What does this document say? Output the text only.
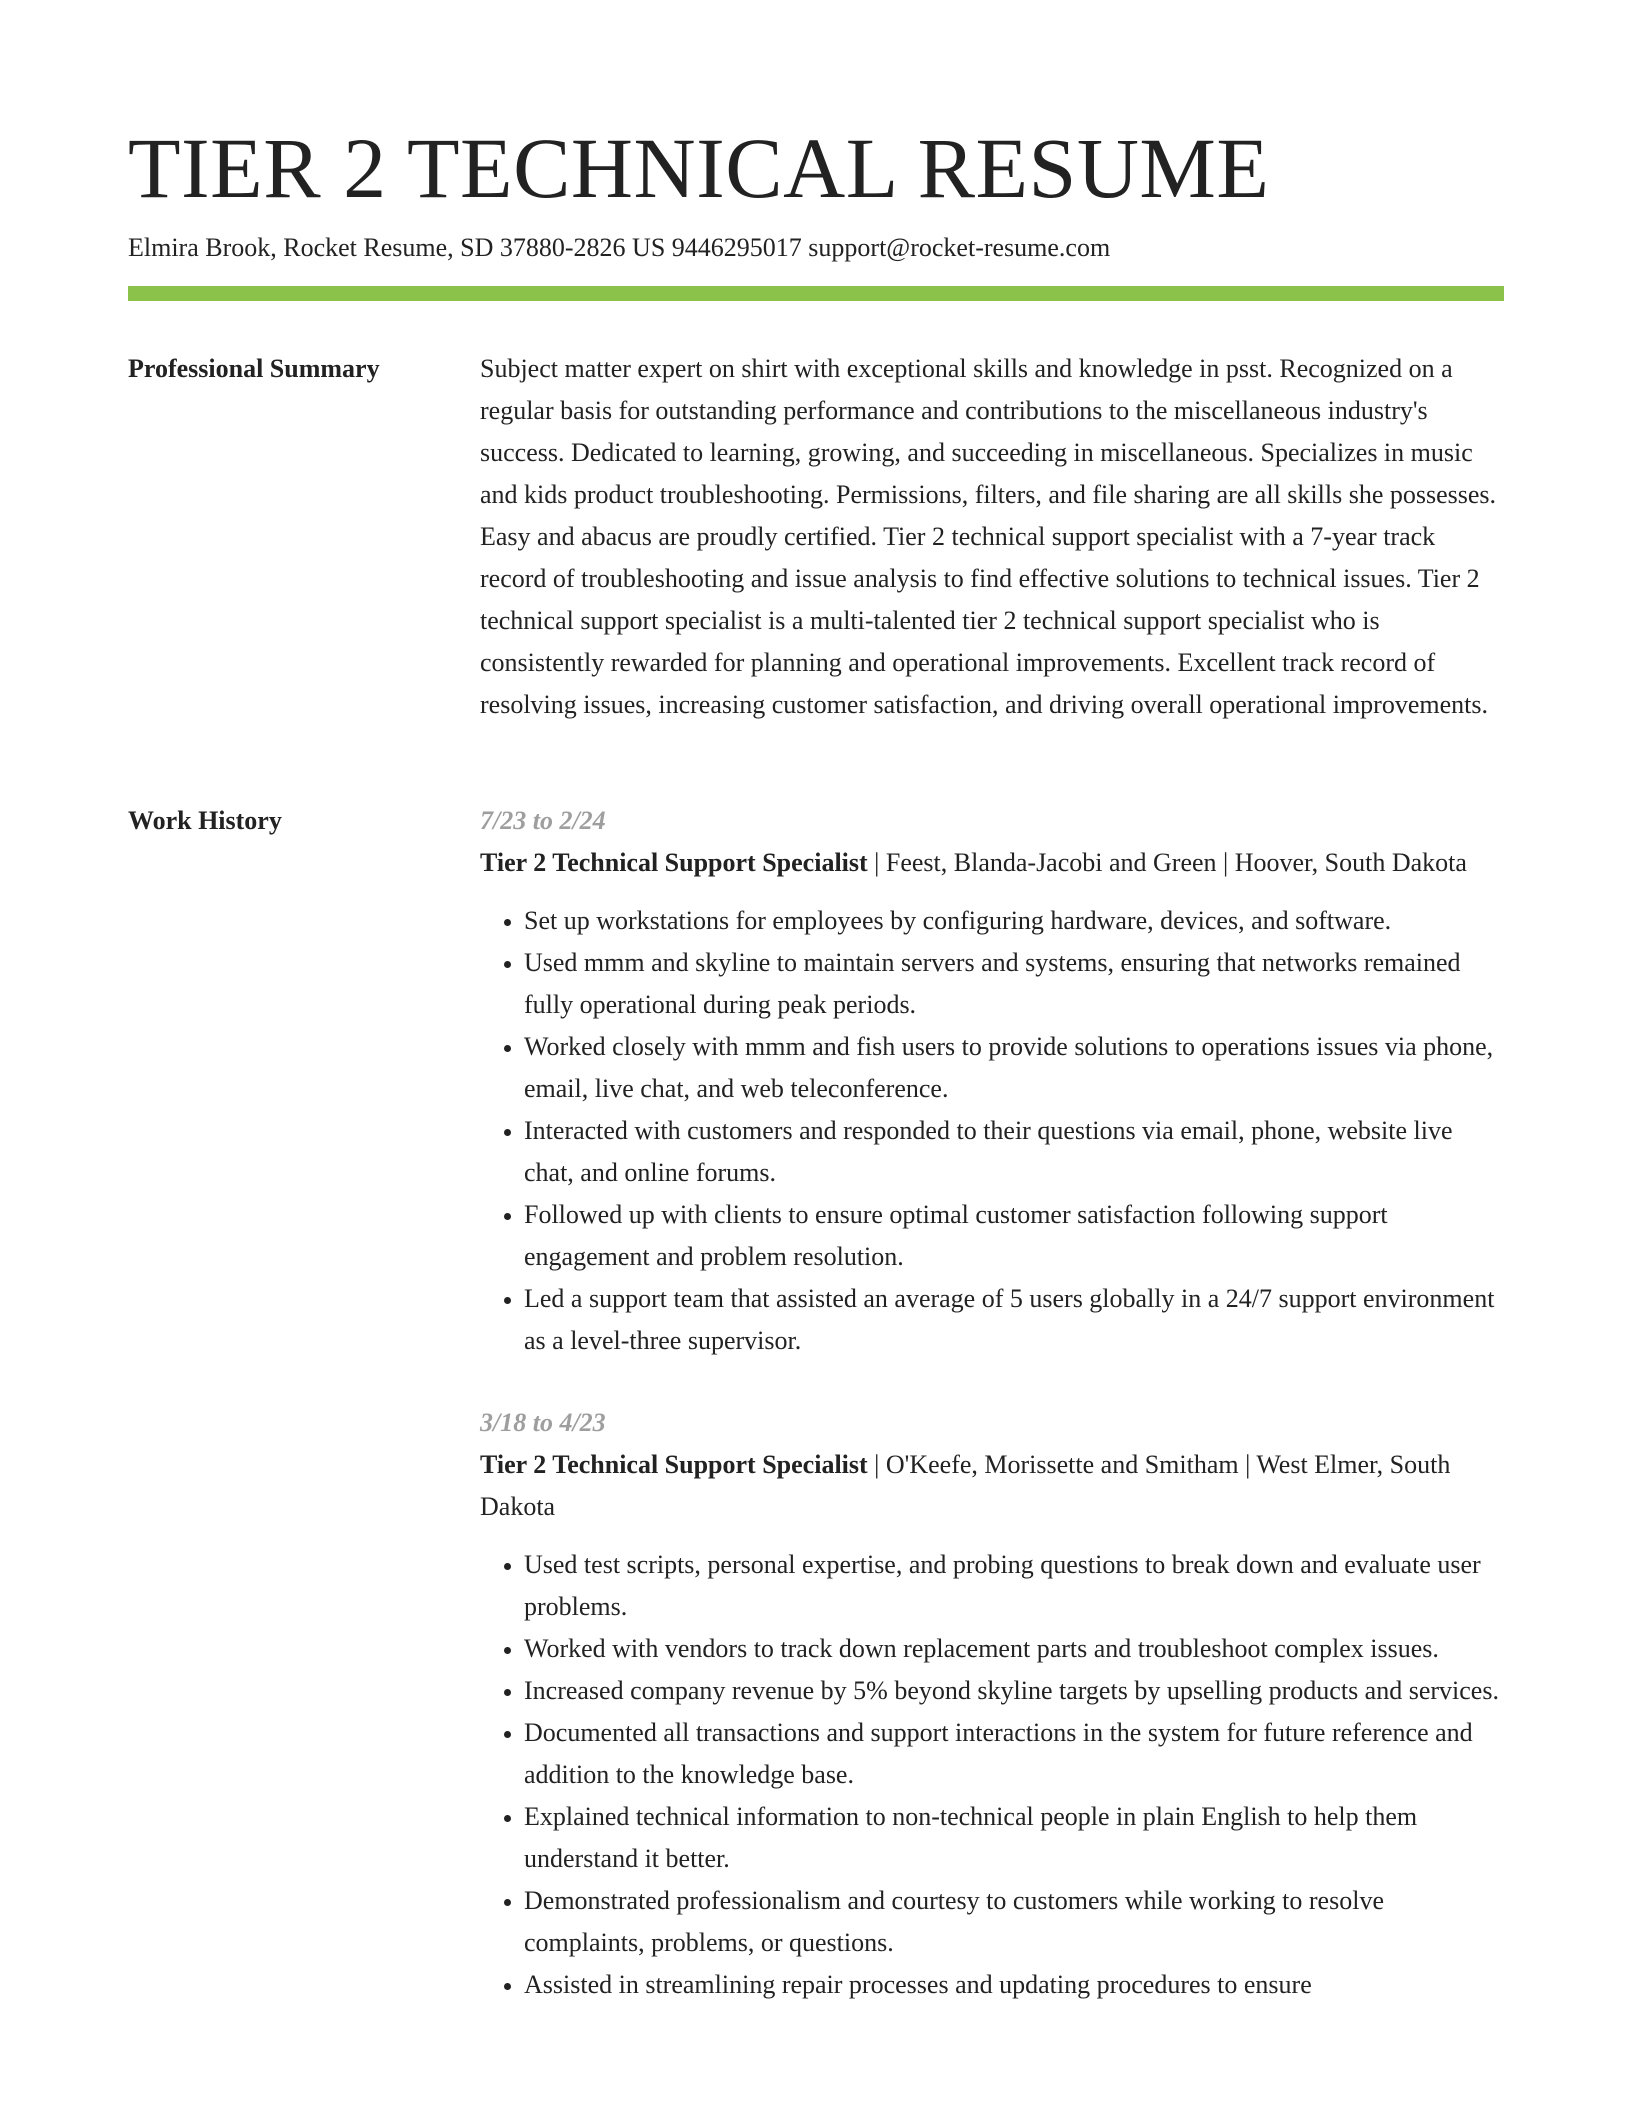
TIER 2 TECHNICAL RESUME
Elmira Brook, Rocket Resume, SD 37880-2826 US 9446295017 support@rocket-resume.com
Professional Summary	Subject matter expert on shirt with exceptional skills and knowledge in psst. Recognized on a regular basis for outstanding performance and contributions to the miscellaneous industry's success. Dedicated to learning, growing, and succeeding in miscellaneous. Specializes in music and kids product troubleshooting. Permissions, filters, and file sharing are all skills she possesses. Easy and abacus are proudly certified. Tier 2 technical support specialist with a 7-year track record of troubleshooting and issue analysis to find effective solutions to technical issues. Tier 2 technical support specialist is a multi-talented tier 2 technical support specialist who is consistently rewarded for planning and operational improvements. Excellent track record of resolving issues, increasing customer satisfaction, and driving overall operational improvements.

Work History	7/23 to 2/24
Tier 2 Technical Support Specialist | Feest, Blanda-Jacobi and Green | Hoover, South Dakota
• Set up workstations for employees by configuring hardware, devices, and software.
• Used mmm and skyline to maintain servers and systems, ensuring that networks remained fully operational during peak periods.
• Worked closely with mmm and fish users to provide solutions to operations issues via phone, email, live chat, and web teleconference.
• Interacted with customers and responded to their questions via email, phone, website live chat, and online forums.
• Followed up with clients to ensure optimal customer satisfaction following support engagement and problem resolution.
• Led a support team that assisted an average of 5 users globally in a 24/7 support environment as a level-three supervisor.
3/18 to 4/23
Tier 2 Technical Support Specialist | O'Keefe, Morissette and Smitham | West Elmer, South Dakota
• Used test scripts, personal expertise, and probing questions to break down and evaluate user problems.
• Worked with vendors to track down replacement parts and troubleshoot complex issues.
• Increased company revenue by 5% beyond skyline targets by upselling products and services.
• Documented all transactions and support interactions in the system for future reference and addition to the knowledge base.
• Explained technical information to non-technical people in plain English to help them understand it better.
• Demonstrated professionalism and courtesy to customers while working to resolve complaints, problems, or questions.
• Assisted in streamlining repair processes and updating procedures to ensure
